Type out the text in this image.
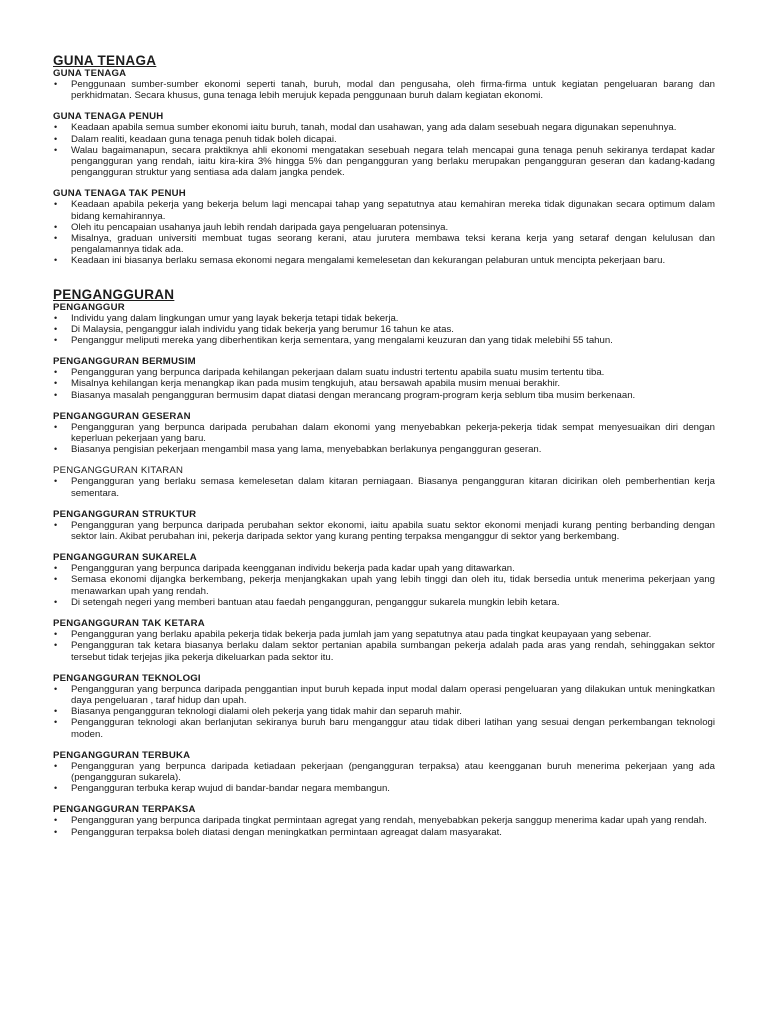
GUNA TENAGA
GUNA TENAGA
• Penggunaan sumber-sumber ekonomi seperti tanah, buruh, modal dan pengusaha, oleh firma-firma untuk kegiatan pengeluaran barang dan perkhidmatan. Secara khusus, guna tenaga lebih merujuk kepada penggunaan buruh dalam kegiatan ekonomi.
GUNA TENAGA PENUH
• Keadaan apabila semua sumber ekonomi iaitu buruh, tanah, modal dan usahawan, yang ada dalam sesebuah negara digunakan sepenuhnya.
• Dalam realiti, keadaan guna tenaga penuh tidak boleh dicapai.
• Walau bagaimanapun, secara praktiknya ahli ekonomi mengatakan sesebuah negara telah mencapai guna tenaga penuh sekiranya terdapat kadar pengangguran yang rendah, iaitu kira-kira 3% hingga 5% dan pengangguran yang berlaku merupakan pengangguran geseran dan kadang-kadang pengangguran struktur yang sentiasa ada dalam jangka pendek.
GUNA TENAGA TAK PENUH
• Keadaan apabila pekerja yang bekerja belum lagi mencapai tahap yang sepatutnya atau kemahiran mereka tidak digunakan secara optimum dalam bidang kemahirannya.
• Oleh itu pencapaian usahanya jauh lebih rendah daripada gaya pengeluaran potensinya.
• Misalnya, graduan universiti membuat tugas seorang kerani, atau jurutera membawa teksi kerana kerja yang setaraf dengan kelulusan dan pengalamannya tidak ada.
• Keadaan ini biasanya berlaku semasa ekonomi negara mengalami kemelesetan dan kekurangan pelaburan untuk mencipta pekerjaan baru.
PENGANGGURAN
PENGANGGUR
• Individu yang dalam lingkungan umur yang layak bekerja tetapi tidak bekerja.
• Di Malaysia, penganggur ialah individu yang tidak bekerja yang berumur 16 tahun ke atas.
• Penganggur meliputi mereka yang diberhentikan kerja sementara, yang mengalami keuzuran dan yang tidak melebihi 55 tahun.
PENGANGGURAN BERMUSIM
• Pengangguran yang berpunca daripada kehilangan pekerjaan dalam suatu industri tertentu apabila suatu musim tertentu tiba.
• Misalnya kehilangan kerja menangkap ikan pada musim tengkujuh, atau bersawah apabila musim menuai berakhir.
• Biasanya masalah pengangguran bermusim dapat diatasi dengan merancang program-program kerja seblum tiba musim berkenaan.
PENGANGGURAN GESERAN
• Pengangguran yang berpunca daripada perubahan dalam ekonomi yang menyebabkan pekerja-pekerja tidak sempat menyesuaikan diri dengan keperluan pekerjaan yang baru.
• Biasanya pengisian pekerjaan mengambil masa yang lama, menyebabkan berlakunya pengangguran geseran.
PENGANGGURAN KITARAN
• Pengangguran yang berlaku semasa kemelesetan dalam kitaran perniagaan. Biasanya pengangguran kitaran dicirikan oleh pemberhentian kerja sementara.
PENGANGGURAN STRUKTUR
• Pengangguran yang berpunca daripada perubahan sektor ekonomi, iaitu apabila suatu sektor ekonomi menjadi kurang penting berbanding dengan sektor lain. Akibat perubahan ini, pekerja daripada sektor yang kurang penting terpaksa menganggur di sektor yang berkembang.
PENGANGGURAN SUKARELA
• Pengangguran yang berpunca daripada keengganan individu bekerja pada kadar upah yang ditawarkan.
• Semasa ekonomi dijangka berkembang, pekerja menjangkakan upah yang lebih tinggi dan oleh itu, tidak bersedia untuk menerima pekerjaan yang menawarkan upah yang rendah.
• Di setengah negeri yang memberi bantuan atau faedah pengangguran, penganggur sukarela mungkin lebih ketara.
PENGANGGURAN TAK KETARA
• Pengangguran yang berlaku apabila pekerja tidak bekerja pada jumlah jam yang sepatutnya atau pada tingkat keupayaan yang sebenar.
• Pengangguran tak ketara biasanya berlaku dalam sektor pertanian apabila sumbangan pekerja adalah pada aras yang rendah, sehinggakan sektor tersebut tidak terjejas jika pekerja dikeluarkan pada sektor itu.
PENGANGGURAN TEKNOLOGI
• Pengangguran yang berpunca daripada penggantian input buruh kepada input modal dalam operasi pengeluaran yang dilakukan untuk meningkatkan daya pengeluaran , taraf hidup dan upah.
• Biasanya pengangguran teknologi dialami oleh pekerja yang tidak mahir dan separuh mahir.
• Pengangguran teknologi akan berlanjutan sekiranya buruh baru menganggur atau tidak diberi latihan yang sesuai dengan perkembangan teknologi moden.
PENGANGGURAN TERBUKA
• Pengangguran yang berpunca daripada ketiadaan pekerjaan (pengangguran terpaksa) atau keengganan buruh menerima pekerjaan yang ada (pengangguran sukarela).
• Pengangguran terbuka kerap wujud di bandar-bandar negara membangun.
PENGANGGURAN TERPAKSA
• Pengangguran yang berpunca daripada tingkat permintaan agregat yang rendah, menyebabkan pekerja sanggup menerima kadar upah yang rendah.
• Pengangguran terpaksa boleh diatasi dengan meningkatkan permintaan agreagat dalam masyarakat.
